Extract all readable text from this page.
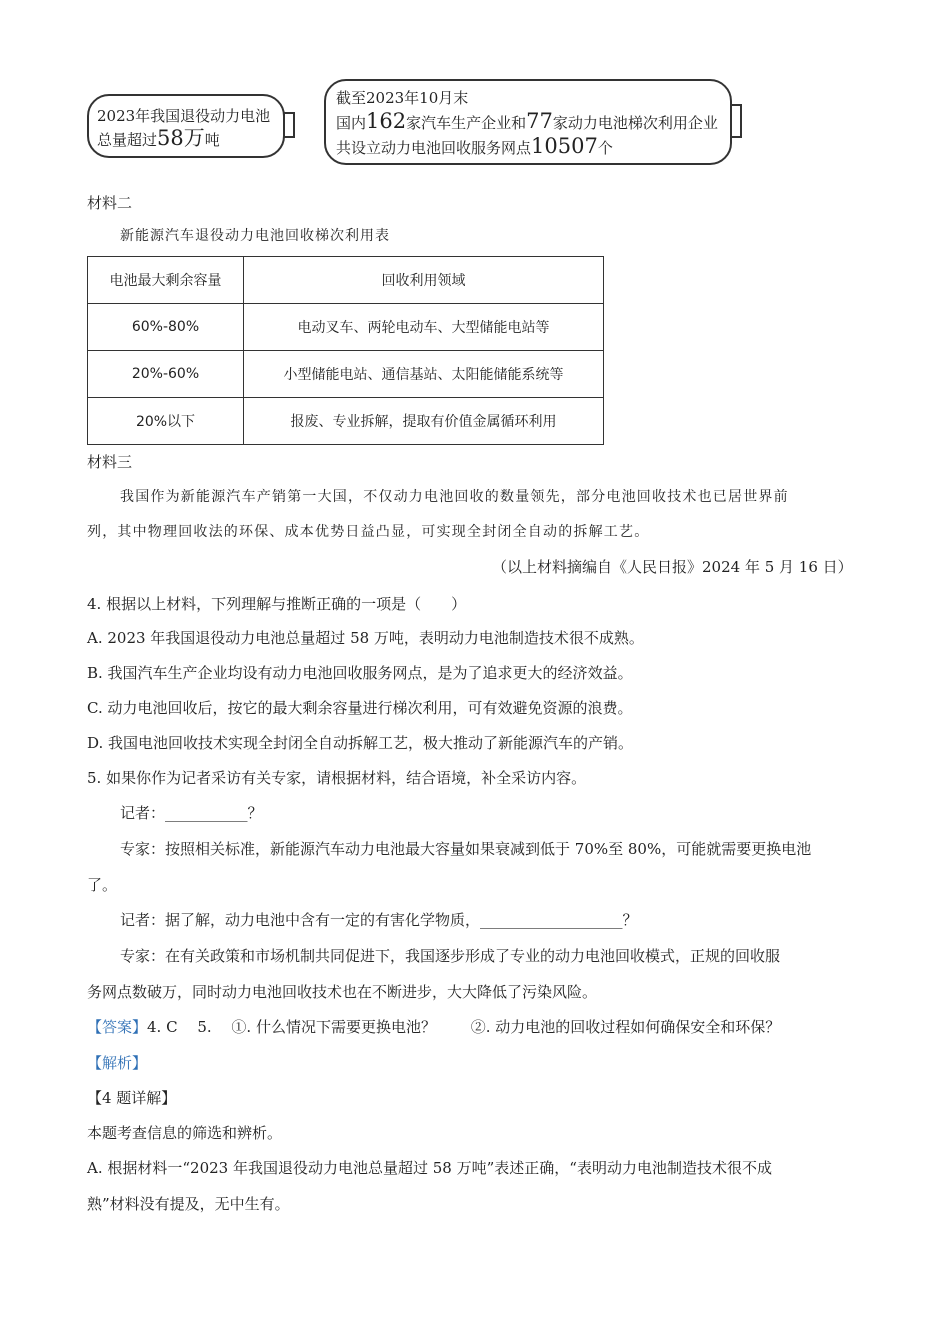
2023年我国退役动力电池
总量超过58万吨
截至2023年10月末
国内162家汽车生产企业和77家动力电池梯次利用企业
共设立动力电池回收服务网点10507个
材料二
新能源汽车退役动力电池回收梯次利用表
电池最大剩余容量	回收利用领域
60%-80%	电动叉车、两轮电动车、大型储能电站等
20%-60%	小型储能电站、通信基站、太阳能储能系统等
20%以下	报废、专业拆解，提取有价值金属循环利用
材料三
我国作为新能源汽车产销第一大国，不仅动力电池回收的数量领先，部分电池回收技术也已居世界前
列，其中物理回收法的环保、成本优势日益凸显，可实现全封闭全自动的拆解工艺。
（以上材料摘编自《人民日报》2024 年 5 月 16 日）
4. 根据以上材料，下列理解与推断正确的一项是（　　）
A. 2023 年我国退役动力电池总量超过 58 万吨，表明动力电池制造技术很不成熟。
B. 我国汽车生产企业均设有动力电池回收服务网点，是为了追求更大的经济效益。
C. 动力电池回收后，按它的最大剩余容量进行梯次利用，可有效避免资源的浪费。
D. 我国电池回收技术实现全封闭全自动拆解工艺，极大推动了新能源汽车的产销。
5. 如果你作为记者采访有关专家，请根据材料，结合语境，补全采访内容。
记者：___________？
专家：按照相关标准，新能源汽车动力电池最大容量如果衰减到低于 70%至 80%，可能就需要更换电池
了。
记者：据了解，动力电池中含有一定的有害化学物质，___________________？
专家：在有关政策和市场机制共同促进下，我国逐步形成了专业的动力电池回收模式，正规的回收服
务网点数破万，同时动力电池回收技术也在不断进步，大大降低了污染风险。
【答案】4. C　 5.　 ①. 什么情况下需要更换电池？　　 ②. 动力电池的回收过程如何确保安全和环保？
【解析】
【4 题详解】
本题考查信息的筛选和辨析。
A. 根据材料一“2023 年我国退役动力电池总量超过 58 万吨”表述正确，“表明动力电池制造技术很不成
熟”材料没有提及，无中生有。
